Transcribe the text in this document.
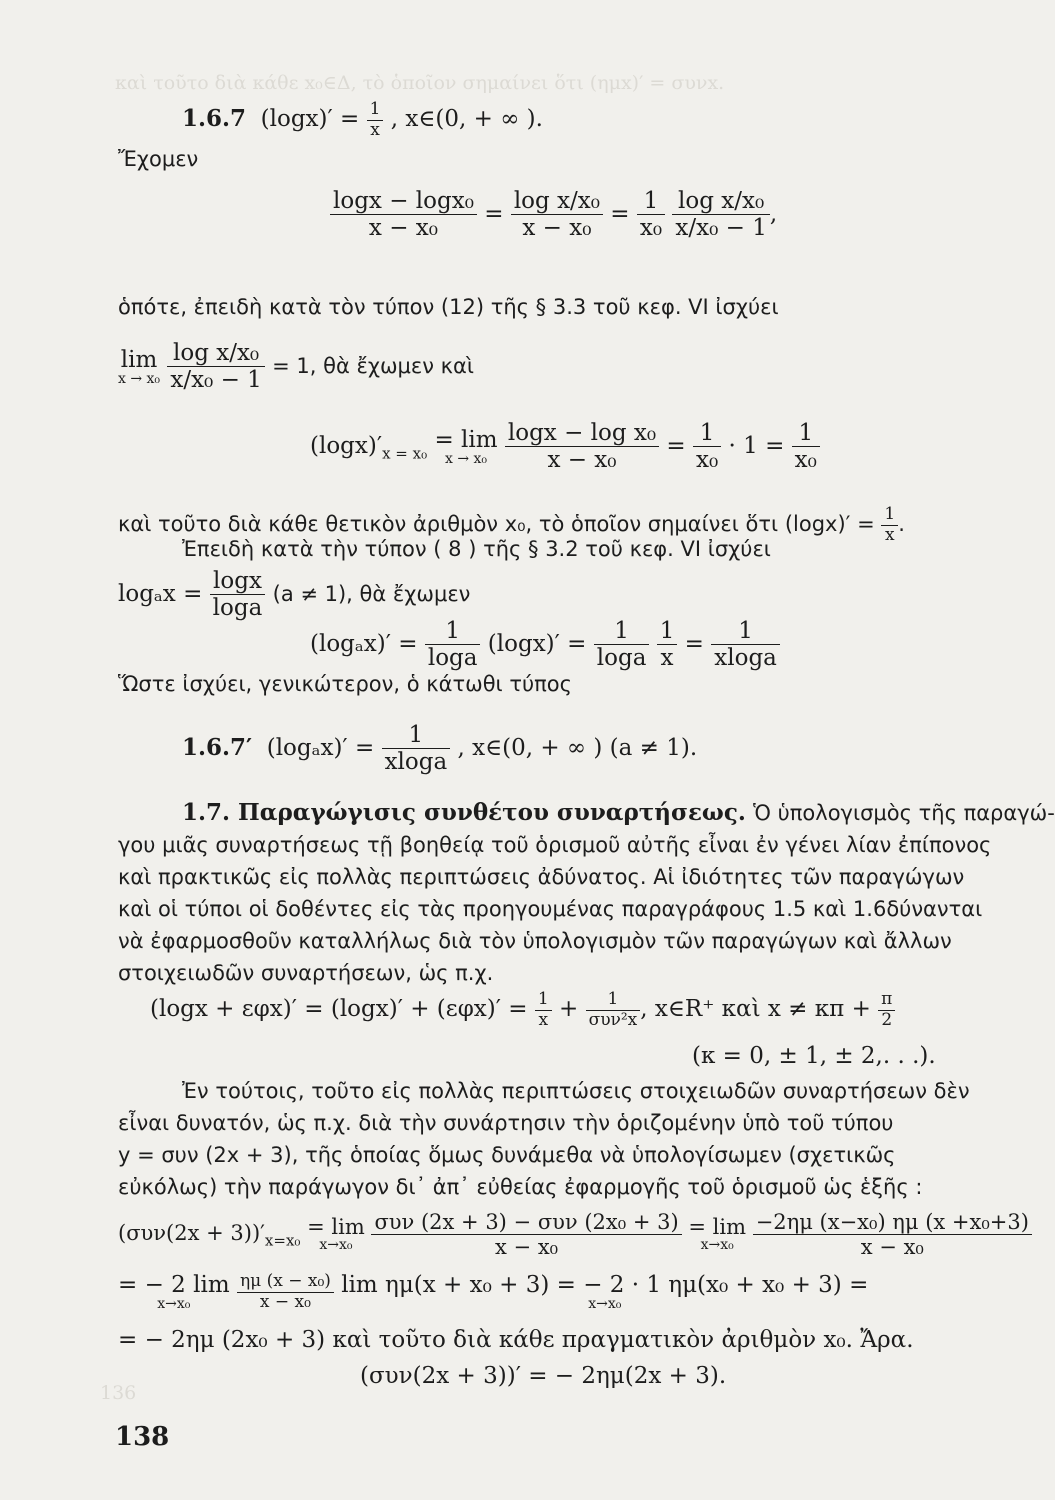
καὶ τοῦτο διὰ κάθε x₀∈Δ, τὸ ὁποῖον σημαίνει ὅτι (ημx)′ = συνx.
136
1.6.7 $(\log x)' = \frac{1}{x}$ , x∈(0, + ∞ ).
Ἔχομεν
$\frac{\text{logx − logx₀}}{\text{x − x₀}} = \frac{\text{log x/x₀}}{\text{x − x₀}} = \frac{1}{\text{x₀}}$
$\frac{\text{log x/x₀}}{\text{x/x₀ − 1}}$ ,
ὁπότε, ἐπειδὴ κατὰ τὸν τύπον (12) τῆς § 3.3 τοῦ κεφ. VI ἰσχύει
lim
x → x₀
$\frac{\text{log x/x₀}}{\text{x/x₀ − 1}} = 1$, θὰ ἔχωμεν καὶ
$(\log x)'_{x = x_0}$
= lim
x → x₀
$\frac{\text{logx − log x₀}}{\text{x − x₀}} = \frac{1}{\text{x₀}} \cdot 1 = \frac{1}{\text{x₀}}$
καὶ τοῦτο διὰ κάθε θετικὸν ἀριθμὸν x₀, τὸ ὁποῖον σημαίνει ὅτι $(\log x)' = \frac{1}{x}$ .
Ἐπειδὴ κατὰ τὴν τύπον ( 8 ) τῆς § 3.2 τοῦ κεφ. VI ἰσχύει
$\log_ax = \frac{\log x}{\log a} (a \ne 1)$, θὰ ἔχωμεν
$(\log_ax)' = \frac{1}{\log a} (\log x)' = \frac{1}{\log a}$
$\frac{1}{x} = \frac{1}{xloga}$
Ὥστε ἰσχύει, γενικώτερον, ὁ κάτωθι τύπος
1.6.7′ $(\log_ax)' = \frac{1}{xloga}$ , x∈(0, + ∞ ) (a ≠ 1).
1.7. Παραγώγισις συνθέτου συναρτήσεως. Ὁ ὑπολογισμὸς τῆς παραγώ-
γου μιᾶς συναρτήσεως τῇ βοηθείᾳ τοῦ ὁρισμοῦ αὐτῆς εἶναι ἐν γένει λίαν ἐπίπονος
καὶ πρακτικῶς εἰς πολλὰς περιπτώσεις ἀδύνατος. Αἱ ἰδιότητες τῶν παραγώγων
καὶ οἱ τύποι οἱ δοθέντες εἰς τὰς προηγουμένας παραγράφους 1.5 καὶ 1.6δύνανται
νὰ ἐφαρμοσθοῦν καταλλήλως διὰ τὸν ὑπολογισμὸν τῶν παραγώγων καὶ ἄλλων
στοιχειωδῶν συναρτήσεων, ὡς π.χ.
$(\log x + \varepsilon\varphi x)' = (\log x)' + (\varepsilon\varphi x)' = \frac{1}{x} + \frac{1}{\text{συν²x}}$ , x∈R⁺ καὶ $x \ne \kappa\pi + \frac{\pi}{2}$
(κ = 0, ± 1, ± 2,. . .).
Ἐν τούτοις, τοῦτο εἰς πολλὰς περιπτώσεις στοιχειωδῶν συναρτήσεων δὲν
εἶναι δυνατόν, ὡς π.χ. διὰ τὴν συνάρτησιν τὴν ὁριζομένην ὑπὸ τοῦ τύπου
y = συν (2x + 3), τῆς ὁποίας ὅμως δυνάμεθα νὰ ὑπολογίσωμεν (σχετικῶς
εὐκόλως) τὴν παράγωγον δι᾽ ἀπ᾽ εὐθείας ἐφαρμογῆς τοῦ ὁρισμοῦ ὡς ἑξῆς :
$(\sigma\upsilon\nu(2x + 3))'_{x=x_0}$
= lim
x→x₀
$\frac{\text{συν (2x + 3) − συν (2x₀ + 3)}}{\text{x − x₀}}$
= lim
x→x₀
$\frac{\text{−2ημ (x−x₀) ημ (x +x₀+3)}}{\text{x − x₀}}$
= − 2 lim
x→x₀
	$\frac{\text{ημ (x − x₀)}}{\text{x − x₀}}$
lim ημ(x + x₀ + 3) = − 2 · 1 ημ(x₀ + x₀ + 3) =
x→x₀
= − 2ημ (2x₀ + 3) καὶ τοῦτο διὰ κάθε πραγματικὸν ἀριθμὸν x₀. Ἄρα.
(συν(2x + 3))′ = − 2ημ(2x + 3).
138
